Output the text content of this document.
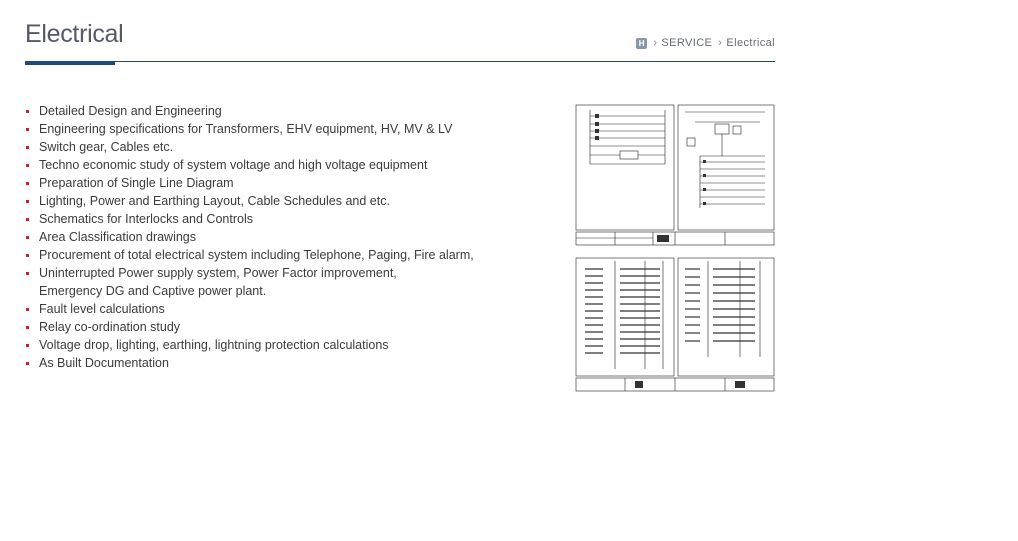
Electrical	H › SERVICE › Electrical
Detailed Design and Engineering
Engineering specifications for Transformers, EHV equipment, HV, MV & LV
Switch gear, Cables etc.
Techno economic study of system voltage and high voltage equipment
Preparation of Single Line Diagram
Lighting, Power and Earthing Layout, Cable Schedules and etc.
Schematics for Interlocks and Controls
Area Classification drawings
Procurement of total electrical system including Telephone, Paging, Fire alarm,
Uninterrupted Power supply system, Power Factor improvement,
Emergency DG and Captive power plant.
Fault level calculations
Relay co-ordination study
Voltage drop, lighting, earthing, lightning protection calculations
As Built Documentation
